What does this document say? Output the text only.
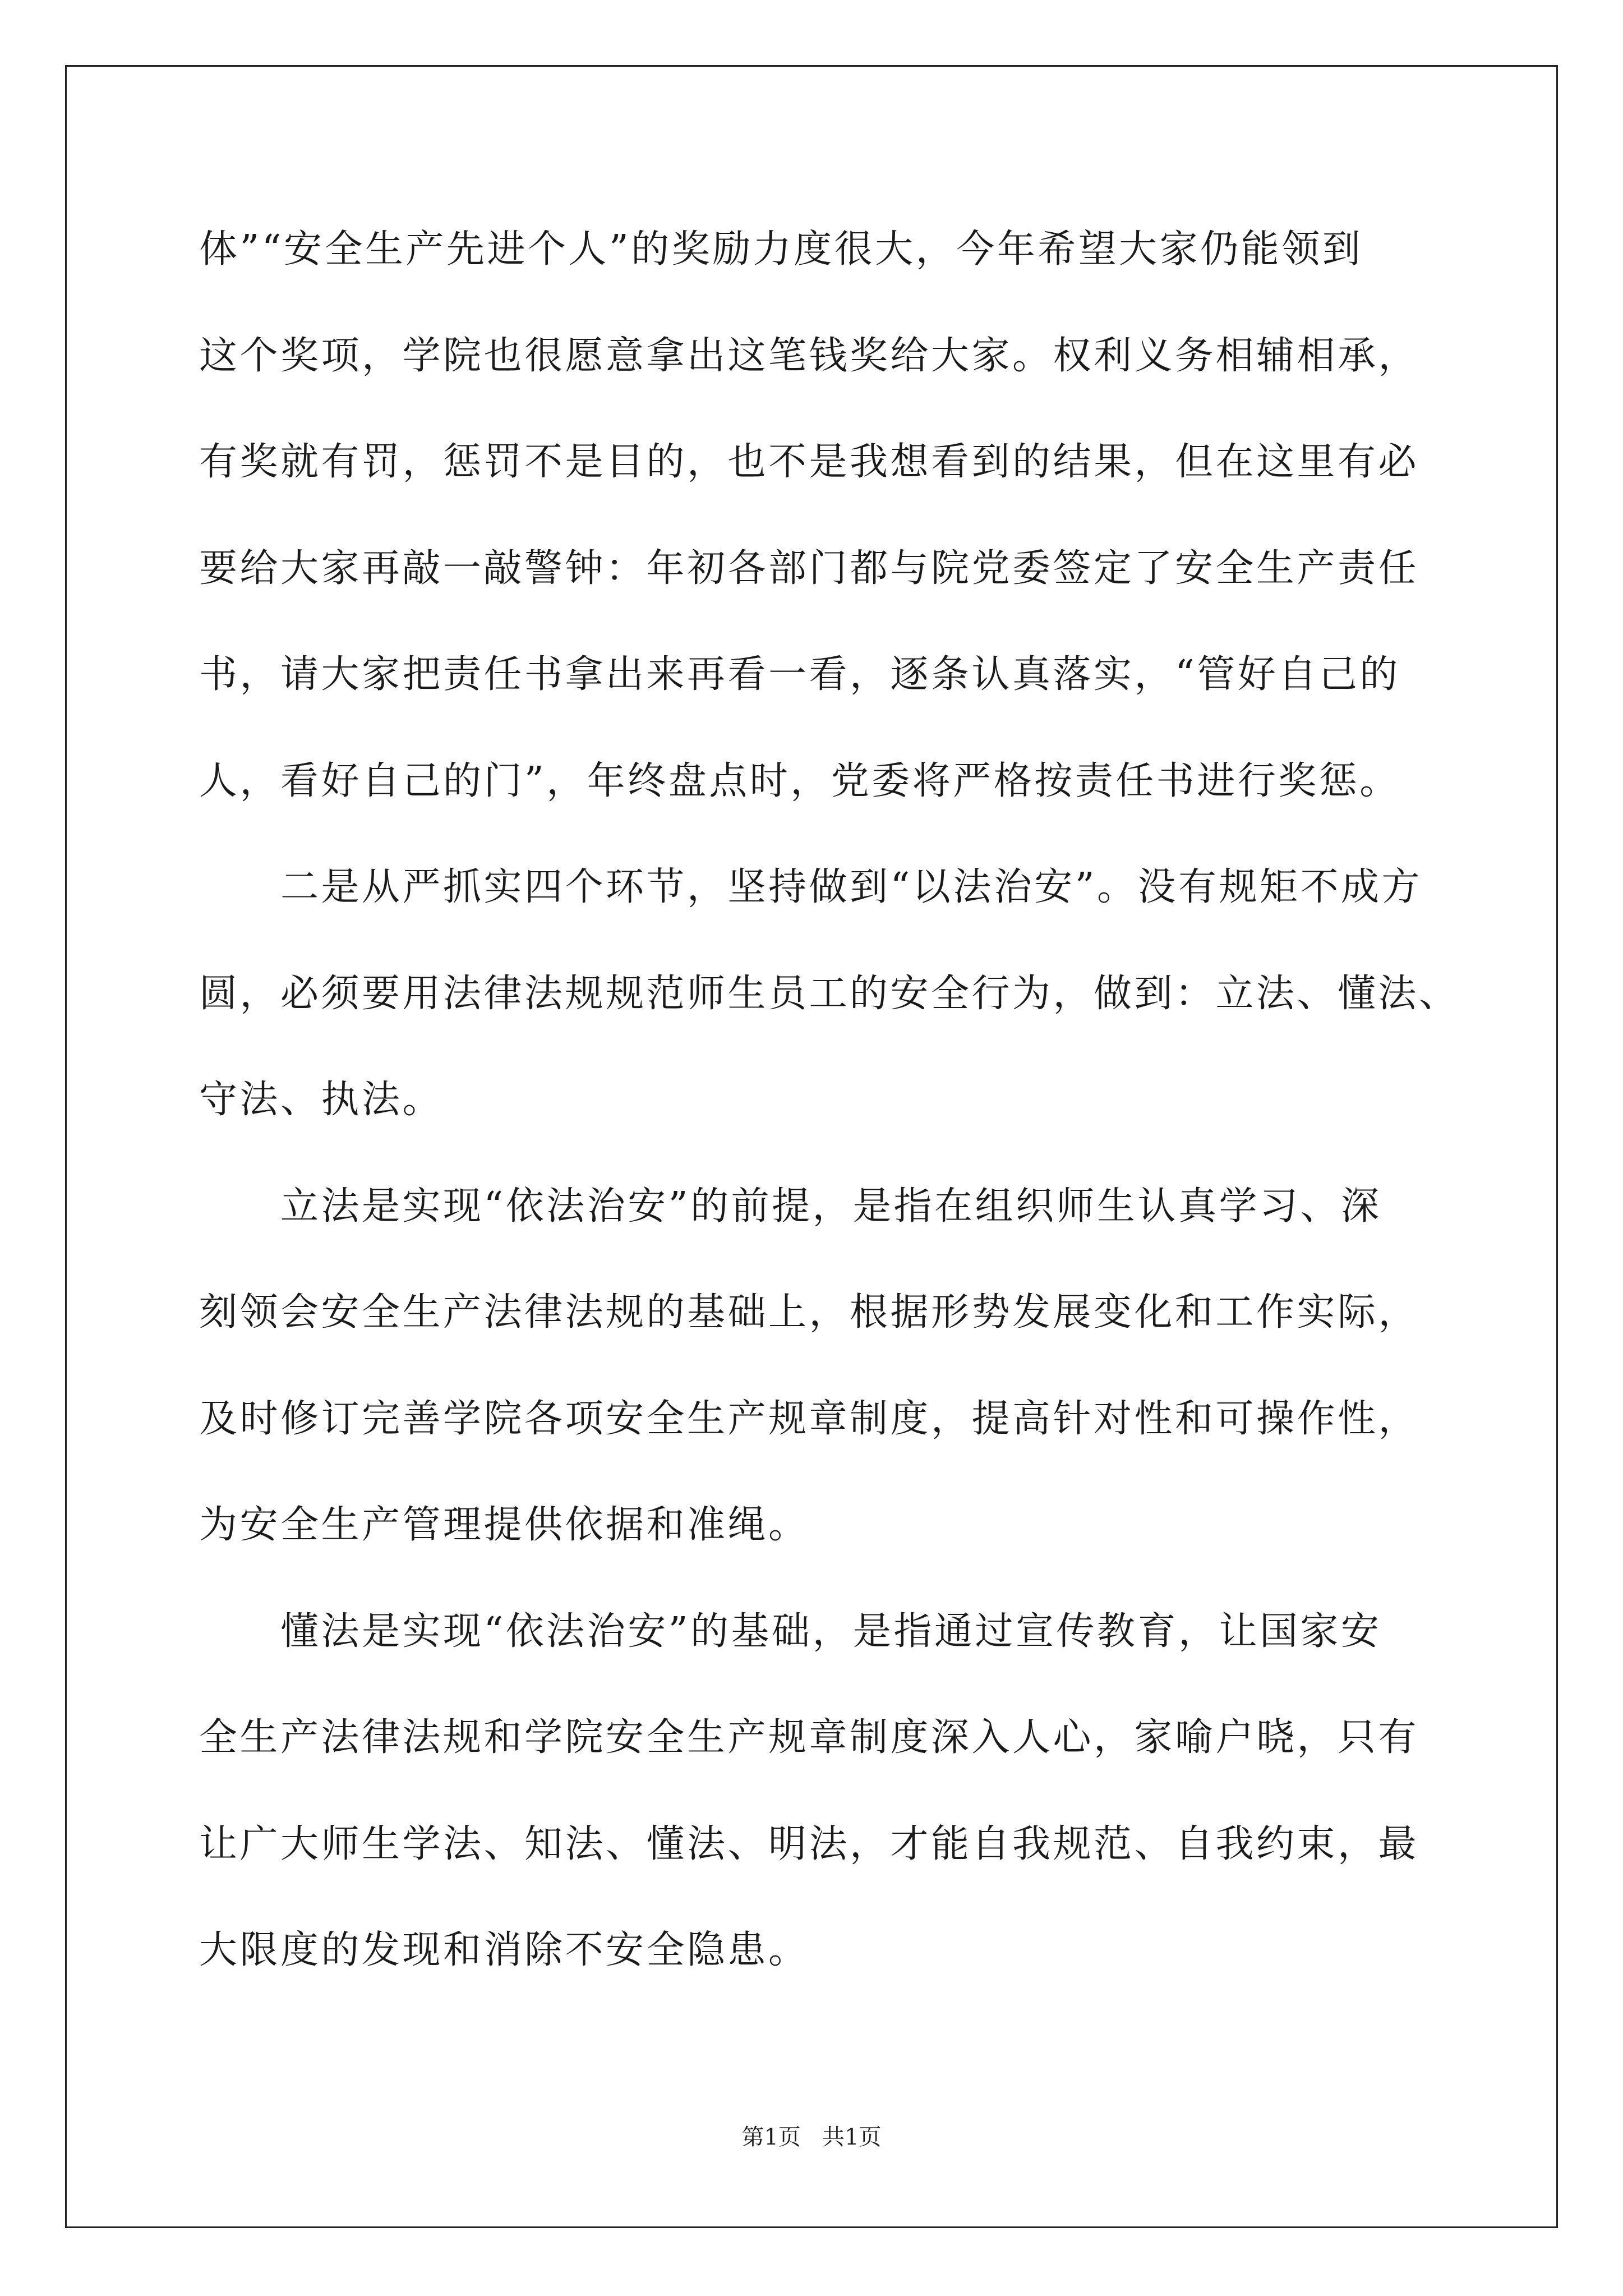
体”“安全生产先进个人”的奖励力度很大，今年希望大家仍能领到
这个奖项，学院也很愿意拿出这笔钱奖给大家。权利义务相辅相承，
有奖就有罚，惩罚不是目的，也不是我想看到的结果，但在这里有必
要给大家再敲一敲警钟：年初各部门都与院党委签定了安全生产责任
书，请大家把责任书拿出来再看一看，逐条认真落实，“管好自己的
人，看好自己的门”，年终盘点时，党委将严格按责任书进行奖惩。
二是从严抓实四个环节，坚持做到“以法治安”。没有规矩不成方
圆，必须要用法律法规规范师生员工的安全行为，做到：立法、懂法、
守法、执法。
立法是实现“依法治安”的前提，是指在组织师生认真学习、深
刻领会安全生产法律法规的基础上，根据形势发展变化和工作实际，
及时修订完善学院各项安全生产规章制度，提高针对性和可操作性，
为安全生产管理提供依据和准绳。
懂法是实现“依法治安”的基础，是指通过宣传教育，让国家安
全生产法律法规和学院安全生产规章制度深入人心，家喻户晓，只有
让广大师生学法、知法、懂法、明法，才能自我规范、自我约束，最
大限度的发现和消除不安全隐患。
第1页   共1页
